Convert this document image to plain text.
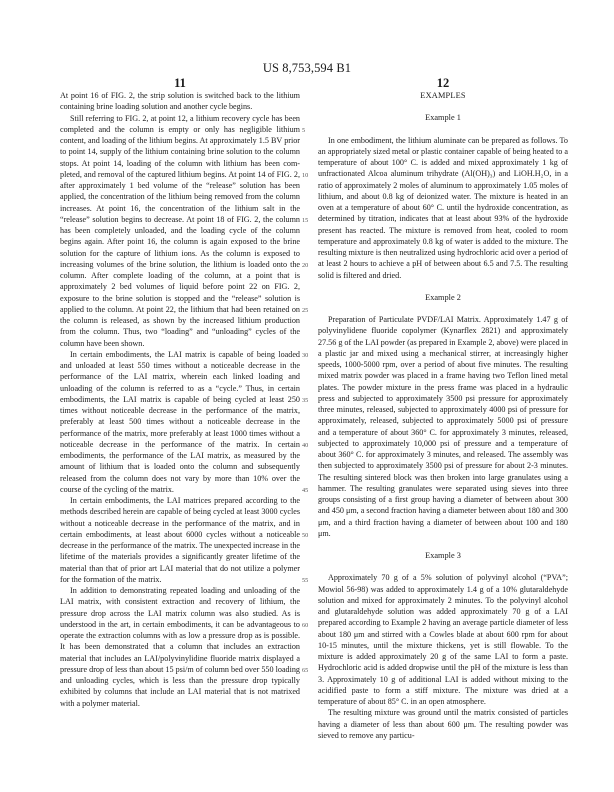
US 8,753,594 B1
11	12

At point 16 of FIG. 2, the strip solution is switched back to the lithium containing brine loading solution and another cycle begins.

Still referring to FIG. 2, at point 12, a lithium recovery cycle has been completed and the column is empty or only has negligible lithium content, and loading of the lithium begins. At approximately 1.5 BV prior to point 14, supply of the lithium containing brine solution to the column stops. At point 14, loading of the column with lithium has been completed, and removal of the captured lithium begins. At point 14 of FIG. 2, after approximately 1 bed volume of the “release” solution has been applied, the concentration of the lithium being removed from the column increases. At point 16, the concentration of the lithium salt in the “release” solution begins to decrease. At point 18 of FIG. 2, the column has been completely unloaded, and the loading cycle of the column begins again. After point 16, the column is again exposed to the brine solution for the capture of lithium ions. As the column is exposed to increasing volumes of the brine solution, the lithium is loaded onto the column. After complete loading of the column, at a point that is approximately 2 bed volumes of liquid before point 22 on FIG. 2, exposure to the brine solution is stopped and the “release” solution is applied to the column. At point 22, the lithium that had been retained on the column is released, as shown by the increased lithium production from the column. Thus, two “loading” and “unloading” cycles of the column have been shown.

In certain embodiments, the LAI matrix is capable of being loaded and unloaded at least 550 times without a noticeable decrease in the performance of the LAI matrix, wherein each linked loading and unloading of the column is referred to as a “cycle.” Thus, in certain embodiments, the LAI matrix is capable of being cycled at least 250 times without noticeable decrease in the performance of the matrix, preferably at least 500 times without a noticeable decrease in the performance of the matrix, more preferably at least 1000 times without a noticeable decrease in the performance of the matrix. In certain embodiments, the performance of the LAI matrix, as measured by the amount of lithium that is loaded onto the column and subsequently released from the column does not vary by more than 10% over the course of the cycling of the matrix.

In certain embodiments, the LAI matrices prepared according to the methods described herein are capable of being cycled at least 3000 cycles without a noticeable decrease in the performance of the matrix, and in certain embodiments, at least about 6000 cycles without a noticeable decrease in the performance of the matrix. The unexpected increase in the lifetime of the materials provides a significantly greater lifetime of the material than that of prior art LAI material that do not utilize a polymer for the formation of the matrix.

In addition to demonstrating repeated loading and unloading of the LAI matrix, with consistent extraction and recovery of lithium, the pressure drop across the LAI matrix column was also studied. As is understood in the art, in certain embodiments, it can be advantageous to operate the extraction columns with as low a pressure drop as is possible. It has been demonstrated that a column that includes an extraction material that includes an LAI/polyvinylidine fluoride matrix displayed a pressure drop of less than about 15 psi/m of column bed over 550 loading and unloading cycles, which is less than the pressure drop typically exhibited by columns that include an LAI material that is not matrixed with a polymer material.

EXAMPLES
Example 1

In one embodiment, the lithium aluminate can be prepared as follows. To an appropriately sized metal or plastic container capable of being heated to a temperature of about 100° C. is added and mixed approximately 1 kg of unfractionated Alcoa aluminum trihydrate (Al(OH)₃) and LiOH.H₂O, in a ratio of approximately 2 moles of aluminum to approximately 1.05 moles of lithium, and about 0.8 kg of deionized water. The mixture is heated in an oven at a temperature of about 60° C. until the hydroxide concentration, as determined by titration, indicates that at least about 93% of the hydroxide present has reacted. The mixture is removed from heat, cooled to room temperature and approximately 0.8 kg of water is added to the mixture. The resulting mixture is then neutralized using hydrochloric acid over a period of at least 2 hours to achieve a pH of between about 6.5 and 7.5. The resulting solid is filtered and dried.

Example 2

Preparation of Particulate PVDF/LAI Matrix. Approximately 1.47 g of polyvinylidene fluoride copolymer (Kynarflex 2821) and approximately 27.56 g of the LAI powder (as prepared in Example 2, above) were placed in a plastic jar and mixed using a mechanical stirrer, at increasingly higher speeds, 1000-5000 rpm, over a period of about five minutes. The resulting mixed matrix powder was placed in a frame having two Teflon lined metal plates. The powder mixture in the press frame was placed in a hydraulic press and subjected to approximately 3500 psi pressure for approximately three minutes, released, subjected to approximately 4000 psi of pressure for approximately, released, subjected to approximately 5000 psi of pressure and a temperature of about 360° C. for approximately 3 minutes, released, subjected to approximately 10,000 psi of pressure and a temperature of about 360° C. for approximately 3 minutes, and released. The assembly was then subjected to approximately 3500 psi of pressure for about 2-3 minutes. The resulting sintered block was then broken into large granulates using a hammer. The resulting granulates were separated using sieves into three groups consisting of a first group having a diameter of between about 300 and 450 μm, a second fraction having a diameter between about 180 and 300 μm, and a third fraction having a diameter of between about 100 and 180 μm.

Example 3

Approximately 70 g of a 5% solution of polyvinyl alcohol (“PVA”; Mowiol 56-98) was added to approximately 1.4 g of a 10% glutaraldehyde solution and mixed for approximately 2 minutes. To the polyvinyl alcohol and glutaraldehyde solution was added approximately 70 g of a LAI prepared according to Example 2 having an average particle diameter of less about 180 μm and stirred with a Cowles blade at about 600 rpm for about 10-15 minutes, until the mixture thickens, yet is still flowable. To the mixture is added approximately 20 g of the same LAI to form a paste. Hydrochloric acid is added dropwise until the pH of the mixture is less than 3. Approximately 10 g of additional LAI is added without mixing to the acidified paste to form a stiff mixture. The mixture was dried at a temperature of about 85° C. in an open atmosphere.

The resulting mixture was ground until the matrix consisted of particles having a diameter of less than about 600 μm. The resulting powder was sieved to remove any particu-

5
10
15
20
25
30
35
40
45
50
55
60
65
